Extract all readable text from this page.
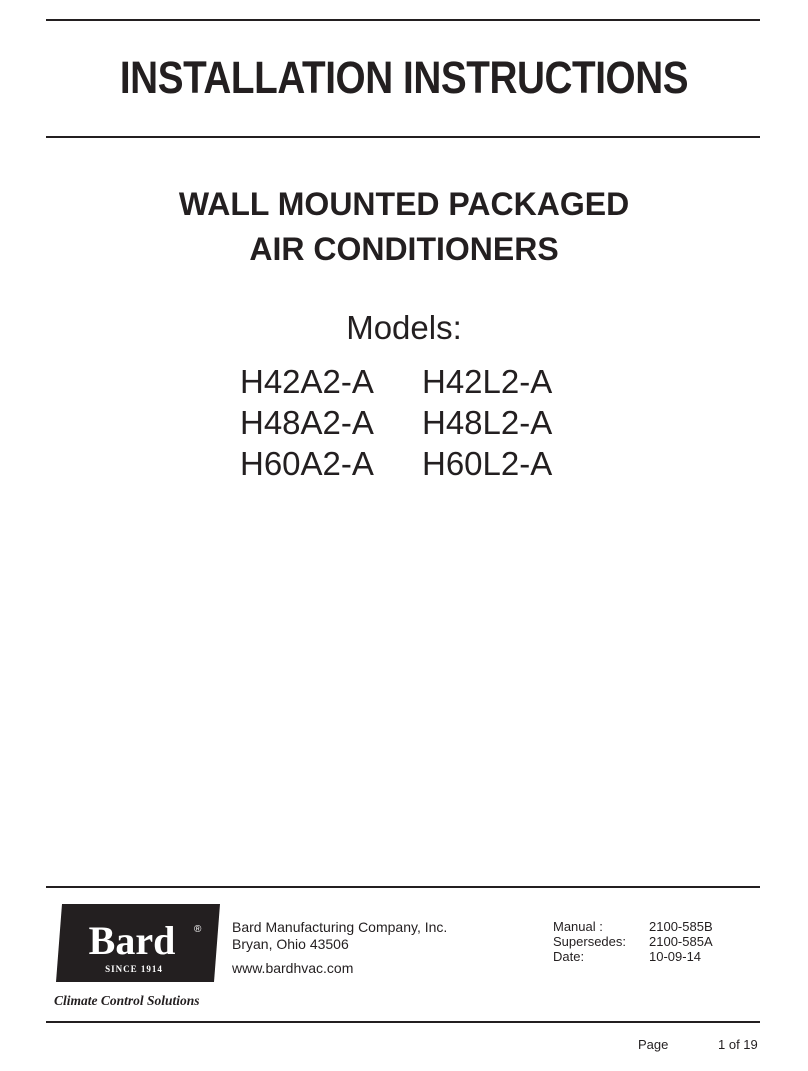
INSTALLATION INSTRUCTIONS
WALL MOUNTED PACKAGED
AIR CONDITIONERS
Models:
H42A2-A	H42L2-A
H48A2-A	H48L2-A
H60A2-A	H60L2-A
Bard ®
SINCE 1914
Climate Control Solutions
Bard Manufacturing Company, Inc.
Bryan, Ohio 43506
www.bardhvac.com
Manual :	2100-585B
Supersedes: 2100-585A
Date:	10-09-14
Page	1 of 19
